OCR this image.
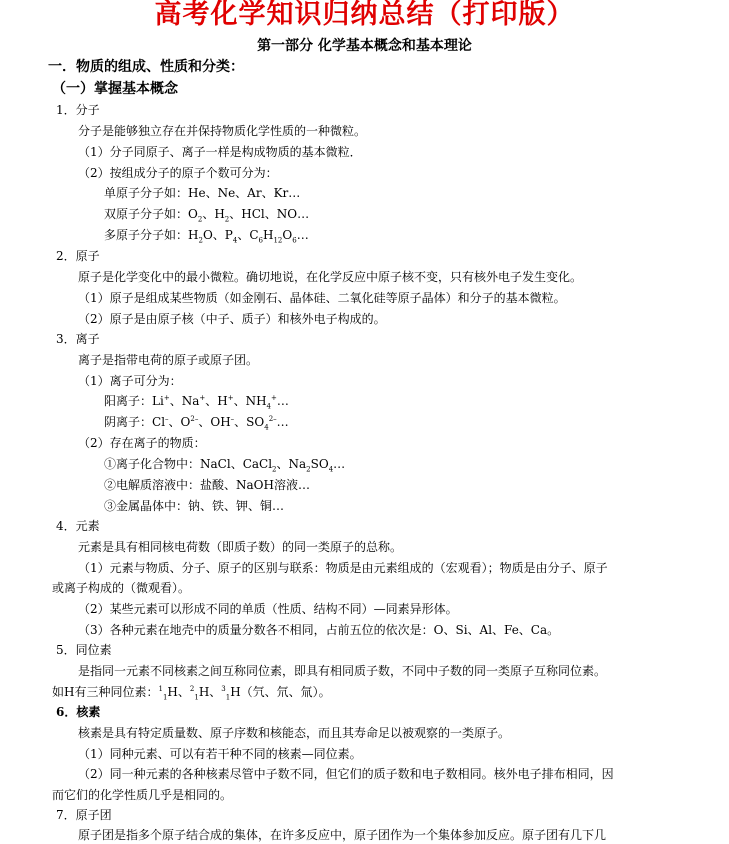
高考化学知识归纳总结（打印版）
第一部分 化学基本概念和基本理论
一．物质的组成、性质和分类：
（一）掌握基本概念
1．分子
分子是能够独立存在并保持物质化学性质的一种微粒。
（1）分子同原子、离子一样是构成物质的基本微粒．
（2）按组成分子的原子个数可分为：
单原子分子如：He、Ne、Ar、Kr…
双原子分子如：$O_2$、$H_2$、HCl、NO…
多原子分子如：$H_2O$、$P_4$、$C_6H_{12}O_6\dots$
2．原子
原子是化学变化中的最小微粒。确切地说，在化学反应中原子核不变，只有核外电子发生变化。
（1）原子是组成某些物质（如金刚石、晶体硅、二氧化硅等原子晶体）和分子的基本微粒。
（2）原子是由原子核（中子、质子）和核外电子构成的。
3．离子
离子是指带电荷的原子或原子团。
（1）离子可分为：
阳离子：Li+、Na+、H+、$NH_4^+\dots$
阴离子：Cl–、$O^{2-}$、OH–、$SO_4^{2-}\dots$
（2）存在离子的物质：
①离子化合物中：NaCl、CaCl$_2$、$Na_2SO_4\dots$
②电解质溶液中：盐酸、NaOH溶液…
③金属晶体中：钠、铁、钾、铜…
4．元素
元素是具有相同核电荷数（即质子数）的同一类原子的总称。
（1）元素与物质、分子、原子的区别与联系：物质是由元素组成的（宏观看）；物质是由分子、原子
或离子构成的（微观看）。
（2）某些元素可以形成不同的单质（性质、结构不同）—同素异形体。
（3）各种元素在地壳中的质量分数各不相同，占前五位的依次是：O、Si、Al、Fe、Ca。
5．同位素
是指同一元素不同核素之间互称同位素，即具有相同质子数，不同中子数的同一类原子互称同位素。
如H有三种同位素：$^1_1$H、$^2_1$H、$^3_1$H（氕、氘、氚）。
6．核素
核素是具有特定质量数、原子序数和核能态，而且其寿命足以被观察的一类原子。
（1）同种元素、可以有若干种不同的核素—同位素。
（2）同一种元素的各种核素尽管中子数不同，但它们的质子数和电子数相同。核外电子排布相同，因
而它们的化学性质几乎是相同的。
7．原子团
原子团是指多个原子结合成的集体，在许多反应中，原子团作为一个集体参加反应。原子团有几下几
